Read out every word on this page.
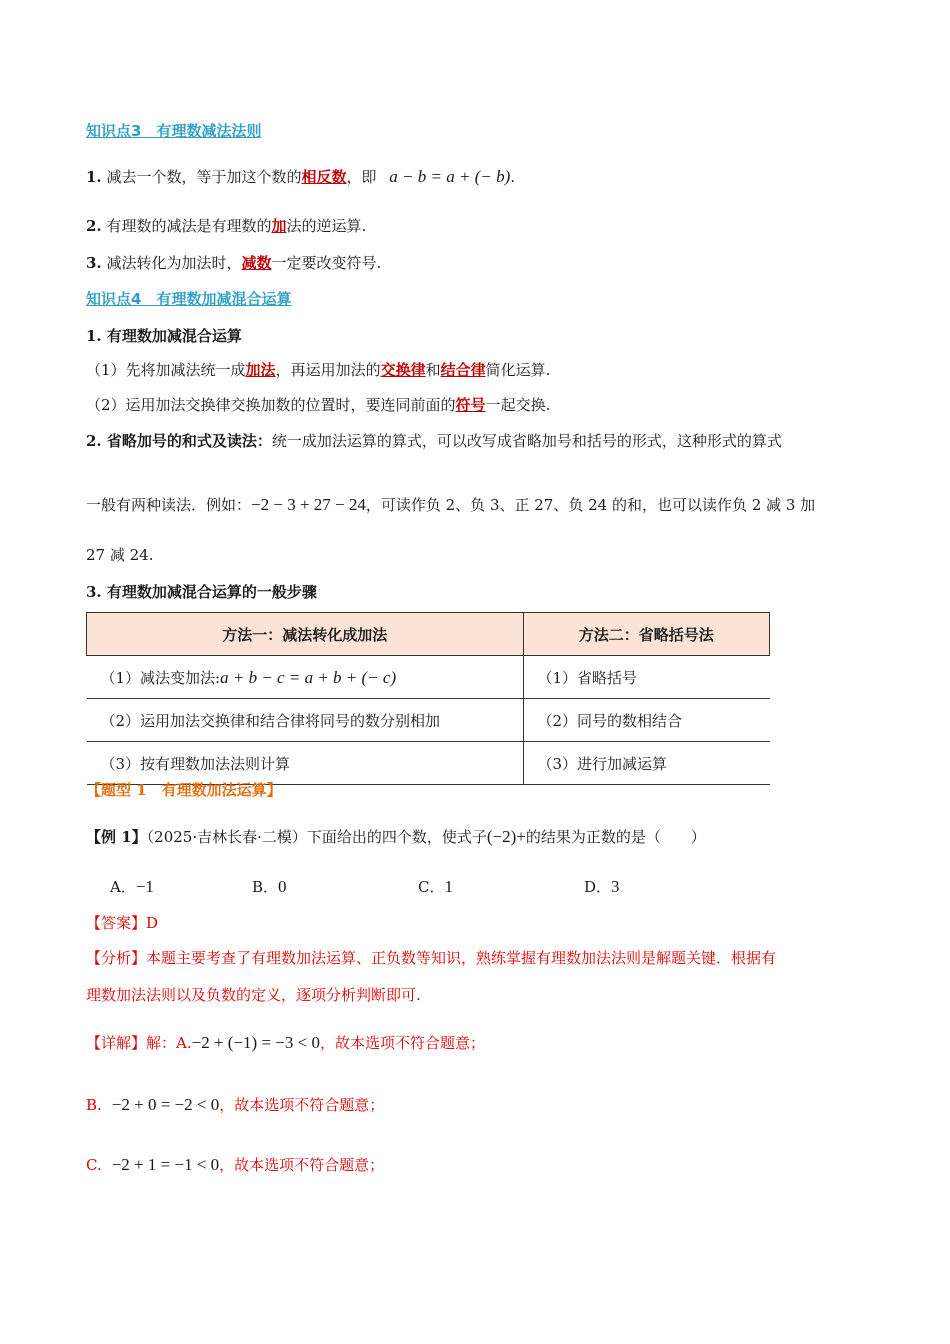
知识点3　有理数减法法则
1. 减去一个数，等于加这个数的相反数，即 a − b = a + (− b).
2. 有理数的减法是有理数的加法的逆运算.
3. 减法转化为加法时，减数一定要改变符号.
知识点4　有理数加减混合运算
1. 有理数加减混合运算
（1）先将加减法统一成加法，再运用加法的交换律和结合律简化运算.
（2）运用加法交换律交换加数的位置时，要连同前面的符号一起交换.
2. 省略加号的和式及读法：统一成加法运算的算式，可以改写成省略加号和括号的形式，这种形式的算式
一般有两种读法．例如：−2 − 3 + 27 − 24，可读作负 2、负 3、正 27、负 24 的和，也可以读作负 2 减 3 加
27 减 24.
3. 有理数加减混合运算的一般步骤
方法一：减法转化成加法	方法二：省略括号法
（1）减法变加法:a + b − c = a + b + (− c)	（1）省略括号
（2）运用加法交换律和结合律将同号的数分别相加	（2）同号的数相结合
（3）按有理数加法法则计算	（3）进行加减运算
【题型 1　有理数加法运算】
【例 1】（2025·吉林长春·二模）下面给出的四个数，使式子(−2)+的结果为正数的是（　　）
A．−1	B．0	C．1	D．3
【答案】D
【分析】本题主要考查了有理数加法运算、正负数等知识，熟练掌握有理数加法法则是解题关键．根据有
理数加法法则以及负数的定义，逐项分析判断即可.
【详解】解：A.−2 + (−1) = −3 < 0，故本选项不符合题意；
B. −2 + 0 = −2 < 0，故本选项不符合题意；
C. −2 + 1 = −1 < 0，故本选项不符合题意；
